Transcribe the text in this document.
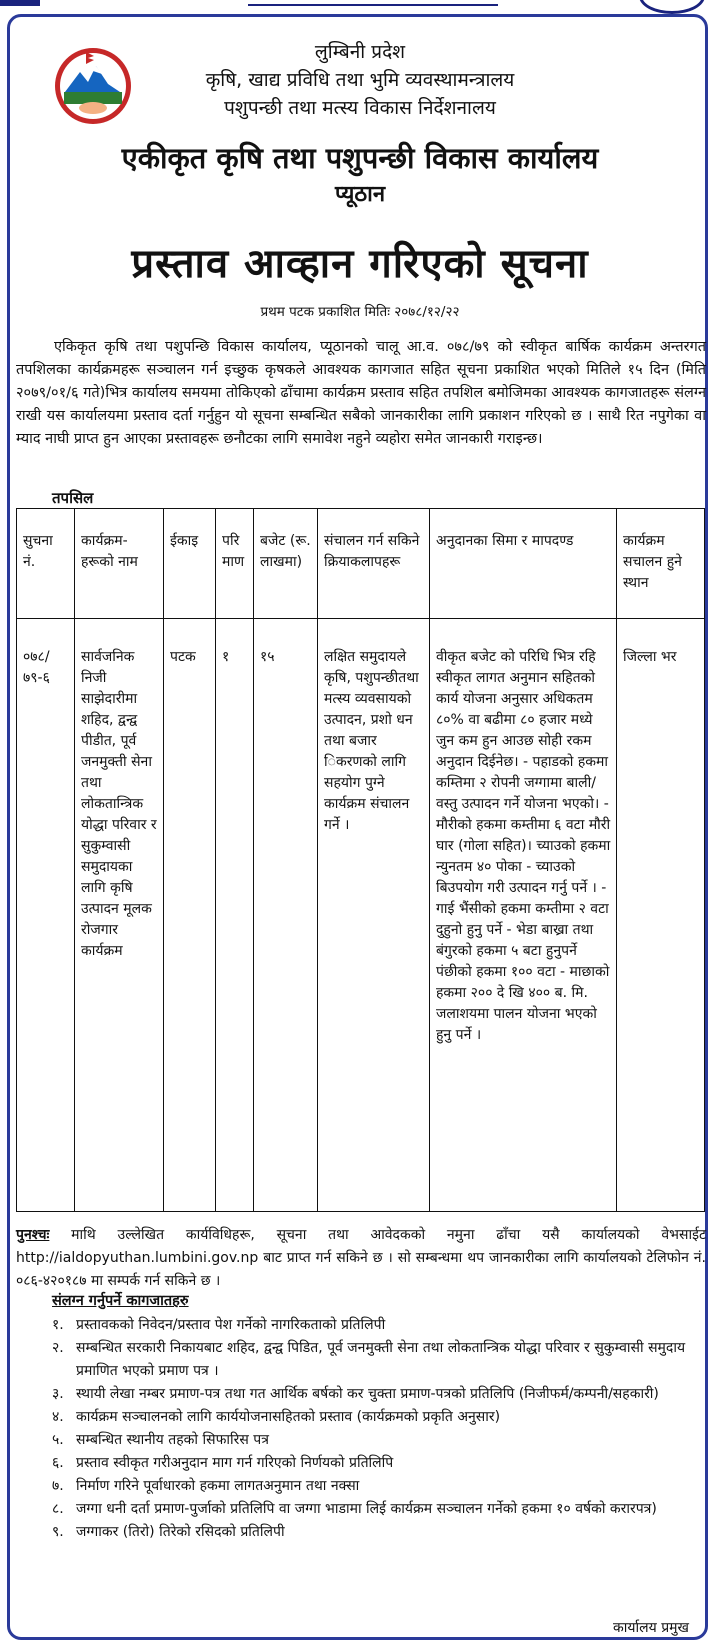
लुम्बिनी प्रदेश
कृषि, खाद्य प्रविधि तथा भुमि व्यवस्थामन्त्रालय
पशुपन्छी तथा मत्स्य विकास निर्देशनालय
एकीकृत कृषि तथा पशुपन्छी विकास कार्यालय
प्यूठान
प्रस्ताव आव्हान गरिएको सूचना
प्रथम पटक प्रकाशित मितिः २०७८/१२/२२
एकिकृत कृषि तथा पशुपन्छि विकास कार्यालय, प्यूठानको चालू आ.व. ०७८/७९ को स्वीकृत बार्षिक कार्यक्रम अन्तरगत तपशिलका कार्यक्रमहरू सञ्चालन गर्न इच्छुक कृषकले आवश्यक कागजात सहित सूचना प्रकाशित भएको मितिले १५ दिन (मिति २०७९/०१/६ गते)भित्र कार्यालय समयमा तोकिएको ढाँचामा कार्यक्रम प्रस्ताव सहित तपशिल बमोजिमका आवश्यक कागजातहरू संलग्न राखी यस कार्यालयमा प्रस्ताव दर्ता गर्नुहुन यो सूचना सम्बन्धित सबैको जानकारीका लागि प्रकाशन गरिएको छ । साथै रित नपुगेका वा म्याद नाघी प्राप्त हुन आएका प्रस्तावहरू छनौटका लागि समावेश नहुने व्यहोरा समेत जानकारी गराइन्छ।
तपसिल
सुचना नं.	कार्यक्रम-हरूको नाम	ईकाइ	परि माण	बजेट (रू. लाखमा)	संचालन गर्न सकिने क्रियाकलापहरू	अनुदानका सिमा र मापदण्ड	कार्यक्रम सचालन हुने स्थान
०७८/ ७९-६	सार्वजनिक निजी साझेदारीमा शहिद, द्वन्द्व पीडीत, पूर्व जनमुक्ती सेना तथा लोकतान्त्रिक योद्धा परिवार र सुकुम्वासी समुदायका लागि कृषि उत्पादन मूलक रोजगार कार्यक्रम	पटक	१	१५	लक्षित समुदायले कृषि, पशुपन्छीतथा मत्स्य व्यवसायको उत्पादन, प्रशो धन तथा बजार िकरणको लागि सहयोग पुग्ने कार्यक्रम संचालन गर्ने ।	वीकृत बजेट को परिधि भित्र रहि स्वीकृत लागत अनुमान सहितको कार्य योजना अनुसार अधिकतम ८०% वा बढीमा ८० हजार मध्ये जुन कम हुन आउछ सोही रकम अनुदान दिईनेछ। - पहाडको हकमा कम्तिमा २ रोपनी जग्गामा बाली/वस्तु उत्पादन गर्ने योजना भएको। - मौरीको हकमा कम्तीमा ६ वटा मौरी घार (गोला सहित)। च्याउको हकमा न्युनतम ४० पोका - च्याउको बिउपयोग गरी उत्पादन गर्नु पर्ने । - गाई भैंसीको हकमा कम्तीमा २ वटा दुहुनो हुनु पर्ने - भेडा बाख्रा तथा बंगुरको हकमा ५ बटा हुनुपर्ने पंछीको हकमा १०० वटा - माछाको हकमा २०० दे खि ४०० ब. मि. जलाशयमा पालन योजना भएको हुनु पर्ने ।	जिल्ला भर
पुनश्चः माथि उल्लेखित कार्यविधिहरू, सूचना तथा आवेदकको नमुना ढाँचा यसै कार्यालयको वेभसाईट http://ialdopyuthan.lumbini.gov.np बाट प्राप्त गर्न सकिने छ । सो सम्बन्धमा थप जानकारीका लागि कार्यालयको टेलिफोन नं. ०८६-४२०१८७ मा सम्पर्क गर्न सकिने छ ।
संलग्न गर्नुपर्ने कागजातहरु
१. प्रस्तावकको निवेदन/प्रस्ताव पेश गर्नेको नागरिकताको प्रतिलिपी
२. सम्बन्धित सरकारी निकायबाट शहिद, द्वन्द्व पिडित, पूर्व जनमुक्ती सेना तथा लोकतान्त्रिक योद्धा परिवार र सुकुम्वासी समुदाय प्रमाणित भएको प्रमाण पत्र ।
३. स्थायी लेखा नम्बर प्रमाण-पत्र तथा गत आर्थिक बर्षको कर चुक्ता प्रमाण-पत्रको प्रतिलिपि (निजीफर्म/कम्पनी/सहकारी)
४. कार्यक्रम सञ्चालनको लागि कार्ययोजनासहितको प्रस्ताव (कार्यक्रमको प्रकृति अनुसार)
५. सम्बन्धित स्थानीय तहको सिफारिस पत्र
६. प्रस्ताव स्वीकृत गरीअनुदान माग गर्न गरिएको निर्णयको प्रतिलिपि
७. निर्माण गरिने पूर्वाधारको हकमा लागतअनुमान तथा नक्सा
८. जग्गा धनी दर्ता प्रमाण-पुर्जाको प्रतिलिपि वा जग्गा भाडामा लिई कार्यक्रम सञ्चालन गर्नेको हकमा १० वर्षको करारपत्र)
९. जग्गाकर (तिरो) तिरेको रसिदको प्रतिलिपी
कार्यालय प्रमुख
